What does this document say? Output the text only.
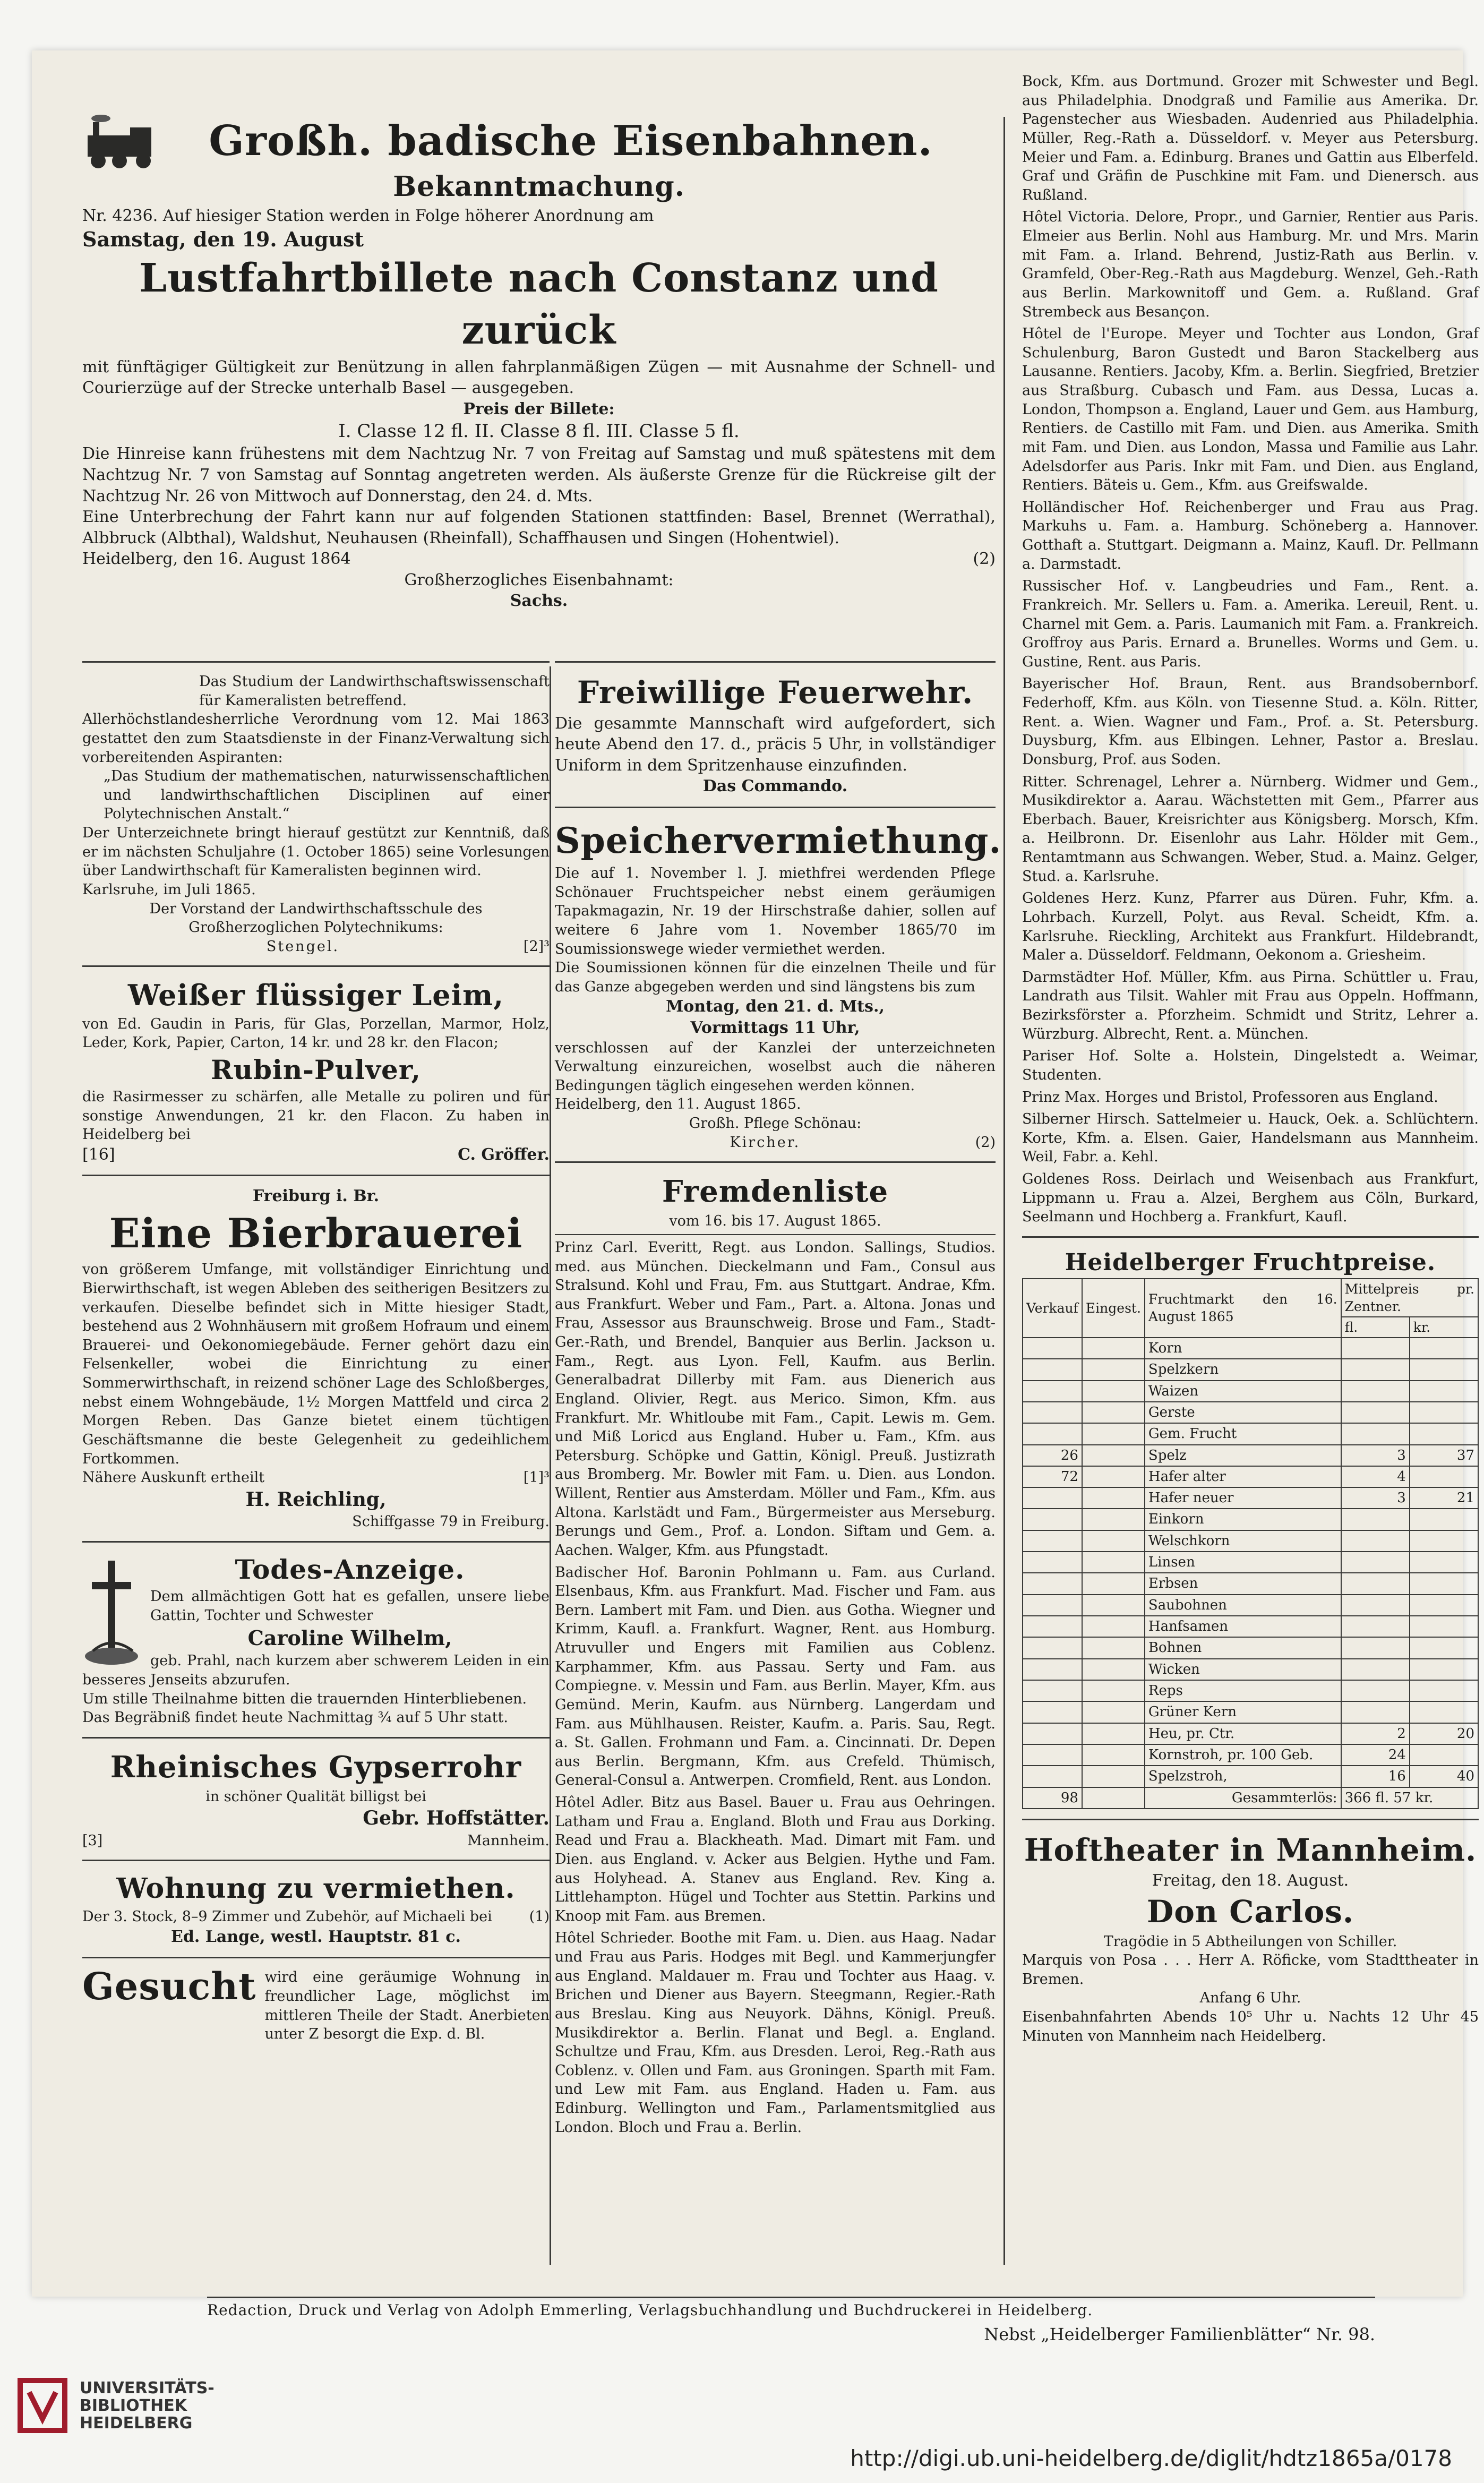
Großh. badische Eisenbahnen.
Bekanntmachung.
Nr. 4236. Auf hiesiger Station werden in Folge höherer Anordnung am
Samstag, den 19. August
Lustfahrtbillete nach Constanz und zurück
mit fünftägiger Gültigkeit zur Benützung in allen fahrplanmäßigen Zügen — mit Ausnahme der Schnell- und Courierzüge auf der Strecke unterhalb Basel — ausgegeben.
Preis der Billete:
I. Classe 12 fl. II. Classe 8 fl. III. Classe 5 fl.
Die Hinreise kann frühestens mit dem Nachtzug Nr. 7 von Freitag auf Samstag und muß spätestens mit dem Nachtzug Nr. 7 von Samstag auf Sonntag angetreten werden. Als äußerste Grenze für die Rückreise gilt der Nachtzug Nr. 26 von Mittwoch auf Donnerstag, den 24. d. Mts.
Eine Unterbrechung der Fahrt kann nur auf folgenden Stationen stattfinden: Basel, Brennet (Werrathal), Albbruck (Albthal), Waldshut, Neuhausen (Rheinfall), Schaffhausen und Singen (Hohentwiel).
Heidelberg, den 16. August 1864	(2)
Großherzogliches Eisenbahnamt:
Sachs.
Das Studium der Landwirthschaftswissenschaft für Kameralisten betreffend.
Allerhöchstlandesherrliche Verordnung vom 12. Mai 1863 gestattet den zum Staatsdienste in der Finanz-Verwaltung sich vorbereitenden Aspiranten:
„Das Studium der mathematischen, naturwissenschaftlichen und landwirthschaftlichen Disciplinen auf einer Polytechnischen Anstalt.“
Der Unterzeichnete bringt hierauf gestützt zur Kenntniß, daß er im nächsten Schuljahre (1. October 1865) seine Vorlesungen über Landwirthschaft für Kameralisten beginnen wird.
Karlsruhe, im Juli 1865.
Der Vorstand der Landwirthschaftsschule des Großherzoglichen Polytechnikums:
Stengel.	[2]³
Weißer flüssiger Leim,
von Ed. Gaudin in Paris, für Glas, Porzellan, Marmor, Holz, Leder, Kork, Papier, Carton, 14 kr. und 28 kr. den Flacon;
Rubin-Pulver,
die Rasirmesser zu schärfen, alle Metalle zu poliren und für sonstige Anwendungen, 21 kr. den Flacon. Zu haben in Heidelberg bei
[16]	C. Gröffer.
Freiburg i. Br.
Eine Bierbrauerei
von größerem Umfange, mit vollständiger Einrichtung und Bierwirthschaft, ist wegen Ableben des seitherigen Besitzers zu verkaufen. Dieselbe befindet sich in Mitte hiesiger Stadt, bestehend aus 2 Wohnhäusern mit großem Hofraum und einem Brauerei- und Oekonomiegebäude. Ferner gehört dazu ein Felsenkeller, wobei die Einrichtung zu einer Sommerwirthschaft, in reizend schöner Lage des Schloßberges, nebst einem Wohngebäude, 1½ Morgen Mattfeld und circa 2 Morgen Reben. Das Ganze bietet einem tüchtigen Geschäftsmanne die beste Gelegenheit zu gedeihlichem Fortkommen.
Nähere Auskunft ertheilt	[1]³
H. Reichling,
Schiffgasse 79 in Freiburg.
Todes-Anzeige.
Dem allmächtigen Gott hat es gefallen, unsere liebe Gattin, Tochter und Schwester
Caroline Wilhelm,
geb. Prahl, nach kurzem aber schwerem Leiden in ein besseres Jenseits abzurufen.
Um stille Theilnahme bitten die trauernden Hinterbliebenen.
Das Begräbniß findet heute Nachmittag ¾ auf 5 Uhr statt.
Rheinisches Gypserrohr
in schöner Qualität billigst bei
Gebr. Hoffstätter.
[3]	Mannheim.
Wohnung zu vermiethen.
Der 3. Stock, 8–9 Zimmer und Zubehör, auf Michaeli bei	(1)
Ed. Lange, westl. Hauptstr. 81 c.
Gesucht wird eine geräumige Wohnung in freundlicher Lage, möglichst im mittleren Theile der Stadt. Anerbieten unter Z besorgt die Exp. d. Bl.
Freiwillige Feuerwehr.
Die gesammte Mannschaft wird aufgefordert, sich heute Abend den 17. d., präcis 5 Uhr, in vollständiger Uniform in dem Spritzenhause einzufinden.
Das Commando.
Speichervermiethung.
Die auf 1. November l. J. miethfrei werdenden Pflege Schönauer Fruchtspeicher nebst einem geräumigen Tapakmagazin, Nr. 19 der Hirschstraße dahier, sollen auf weitere 6 Jahre vom 1. November 1865/70 im Soumissionswege wieder vermiethet werden.
Die Soumissionen können für die einzelnen Theile und für das Ganze abgegeben werden und sind längstens bis zum
Montag, den 21. d. Mts.,
Vormittags 11 Uhr,
verschlossen auf der Kanzlei der unterzeichneten Verwaltung einzureichen, woselbst auch die näheren Bedingungen täglich eingesehen werden können.
Heidelberg, den 11. August 1865.
Großh. Pflege Schönau:
Kircher.	(2)
Fremdenliste
vom 16. bis 17. August 1865.
Prinz Carl. Everitt, Regt. aus London. Sallings, Studios. med. aus München. Dieckelmann und Fam., Consul aus Stralsund. Kohl und Frau, Fm. aus Stuttgart. Andrae, Kfm. aus Frankfurt. Weber und Fam., Part. a. Altona. Jonas und Frau, Assessor aus Braunschweig. Brose und Fam., Stadt-Ger.-Rath, und Brendel, Banquier aus Berlin. Jackson u. Fam., Regt. aus Lyon. Fell, Kaufm. aus Berlin. Generalbadrat Dillerby mit Fam. aus Dienerich aus England. Olivier, Regt. aus Merico. Simon, Kfm. aus Frankfurt. Mr. Whitloube mit Fam., Capit. Lewis m. Gem. und Miß Loricd aus England. Huber u. Fam., Kfm. aus Petersburg. Schöpke und Gattin, Königl. Preuß. Justizrath aus Bromberg. Mr. Bowler mit Fam. u. Dien. aus London. Willent, Rentier aus Amsterdam. Möller und Fam., Kfm. aus Altona. Karlstädt und Fam., Bürgermeister aus Merseburg. Berungs und Gem., Prof. a. London. Siftam und Gem. a. Aachen. Walger, Kfm. aus Pfungstadt.
Badischer Hof. Baronin Pohlmann u. Fam. aus Curland. Elsenbaus, Kfm. aus Frankfurt. Mad. Fischer und Fam. aus Bern. Lambert mit Fam. und Dien. aus Gotha. Wiegner und Krimm, Kaufl. a. Frankfurt. Wagner, Rent. aus Homburg. Atruvuller und Engers mit Familien aus Coblenz. Karphammer, Kfm. aus Passau. Serty und Fam. aus Compiegne. v. Messin und Fam. aus Berlin. Mayer, Kfm. aus Gemünd. Merin, Kaufm. aus Nürnberg. Langerdam und Fam. aus Mühlhausen. Reister, Kaufm. a. Paris. Sau, Regt. a. St. Gallen. Frohmann und Fam. a. Cincinnati. Dr. Depen aus Berlin. Bergmann, Kfm. aus Crefeld. Thümisch, General-Consul a. Antwerpen. Cromfield, Rent. aus London.
Hôtel Adler. Bitz aus Basel. Bauer u. Frau aus Oehringen. Latham und Frau a. England. Bloth und Frau aus Dorking. Read und Frau a. Blackheath. Mad. Dimart mit Fam. und Dien. aus England. v. Acker aus Belgien. Hythe und Fam. aus Holyhead. A. Stanev aus England. Rev. King a. Littlehampton. Hügel und Tochter aus Stettin. Parkins und Knoop mit Fam. aus Bremen.
Hôtel Schrieder. Boothe mit Fam. u. Dien. aus Haag. Nadar und Frau aus Paris. Hodges mit Begl. und Kammerjungfer aus England. Maldauer m. Frau und Tochter aus Haag. v. Brichen und Diener aus Bayern. Steegmann, Regier.-Rath aus Breslau. King aus Neuyork. Dähns, Königl. Preuß. Musikdirektor a. Berlin. Flanat und Begl. a. England. Schultze und Frau, Kfm. aus Dresden. Leroi, Reg.-Rath aus Coblenz. v. Ollen und Fam. aus Groningen. Sparth mit Fam. und Lew mit Fam. aus England. Haden u. Fam. aus Edinburg. Wellington und Fam., Parlamentsmitglied aus London. Bloch und Frau a. Berlin.
Bock, Kfm. aus Dortmund. Grozer mit Schwester und Begl. aus Philadelphia. Dnodgraß und Familie aus Amerika. Dr. Pagenstecher aus Wiesbaden. Audenried aus Philadelphia. Müller, Reg.-Rath a. Düsseldorf. v. Meyer aus Petersburg. Meier und Fam. a. Edinburg. Branes und Gattin aus Elberfeld. Graf und Gräfin de Puschkine mit Fam. und Dienersch. aus Rußland.
Hôtel Victoria. Delore, Propr., und Garnier, Rentier aus Paris. Elmeier aus Berlin. Nohl aus Hamburg. Mr. und Mrs. Marin mit Fam. a. Irland. Behrend, Justiz-Rath aus Berlin. v. Gramfeld, Ober-Reg.-Rath aus Magdeburg. Wenzel, Geh.-Rath aus Berlin. Markownitoff und Gem. a. Rußland. Graf Strembeck aus Besançon.
Hôtel de l'Europe. Meyer und Tochter aus London, Graf Schulenburg, Baron Gustedt und Baron Stackelberg aus Lausanne. Rentiers. Jacoby, Kfm. a. Berlin. Siegfried, Bretzier aus Straßburg. Cubasch und Fam. aus Dessa, Lucas a. London, Thompson a. England, Lauer und Gem. aus Hamburg, Rentiers. de Castillo mit Fam. und Dien. aus Amerika. Smith mit Fam. und Dien. aus London, Massa und Familie aus Lahr. Adelsdorfer aus Paris. Inkr mit Fam. und Dien. aus England, Rentiers. Bäteis u. Gem., Kfm. aus Greifswalde.
Holländischer Hof. Reichenberger und Frau aus Prag. Markuhs u. Fam. a. Hamburg. Schöneberg a. Hannover. Gotthaft a. Stuttgart. Deigmann a. Mainz, Kaufl. Dr. Pellmann a. Darmstadt.
Russischer Hof. v. Langbeudries und Fam., Rent. a. Frankreich. Mr. Sellers u. Fam. a. Amerika. Lereuil, Rent. u. Charnel mit Gem. a. Paris. Laumanich mit Fam. a. Frankreich. Groffroy aus Paris. Ernard a. Brunelles. Worms und Gem. u. Gustine, Rent. aus Paris.
Bayerischer Hof. Braun, Rent. aus Brandsobernborf. Federhoff, Kfm. aus Köln. von Tiesenne Stud. a. Köln. Ritter, Rent. a. Wien. Wagner und Fam., Prof. a. St. Petersburg. Duysburg, Kfm. aus Elbingen. Lehner, Pastor a. Breslau. Donsburg, Prof. aus Soden.
Ritter. Schrenagel, Lehrer a. Nürnberg. Widmer und Gem., Musikdirektor a. Aarau. Wächstetten mit Gem., Pfarrer aus Eberbach. Bauer, Kreisrichter aus Königsberg. Morsch, Kfm. a. Heilbronn. Dr. Eisenlohr aus Lahr. Hölder mit Gem., Rentamtmann aus Schwangen. Weber, Stud. a. Mainz. Gelger, Stud. a. Karlsruhe.
Goldenes Herz. Kunz, Pfarrer aus Düren. Fuhr, Kfm. a. Lohrbach. Kurzell, Polyt. aus Reval. Scheidt, Kfm. a. Karlsruhe. Rieckling, Architekt aus Frankfurt. Hildebrandt, Maler a. Düsseldorf. Feldmann, Oekonom a. Griesheim.
Darmstädter Hof. Müller, Kfm. aus Pirna. Schüttler u. Frau, Landrath aus Tilsit. Wahler mit Frau aus Oppeln. Hoffmann, Bezirksförster a. Pforzheim. Schmidt und Stritz, Lehrer a. Würzburg. Albrecht, Rent. a. München.
Pariser Hof. Solte a. Holstein, Dingelstedt a. Weimar, Studenten.
Prinz Max. Horges und Bristol, Professoren aus England.
Silberner Hirsch. Sattelmeier u. Hauck, Oek. a. Schlüchtern. Korte, Kfm. a. Elsen. Gaier, Handelsmann aus Mannheim. Weil, Fabr. a. Kehl.
Goldenes Ross. Deirlach und Weisenbach aus Frankfurt, Lippmann u. Frau a. Alzei, Berghem aus Cöln, Burkard, Seelmann und Hochberg a. Frankfurt, Kaufl.
Heidelberger Fruchtpreise.
Verkauf	Eingest.	Fruchtmarkt den 16. August 1865	Mittelpreis pr. Zentner.	
			fl.	kr.
		Korn		
		Spelzkern		
		Waizen		
		Gerste		
		Gem. Frucht		
26		Spelz	3	37
72		Hafer alter	4	
		Hafer neuer	3	21
		Einkorn		
		Welschkorn		
		Linsen		
		Erbsen		
		Saubohnen		
		Hanfsamen		
		Bohnen		
		Wicken		
		Reps		
		Grüner Kern		
		Heu, pr. Ctr.	2	20
		Kornstroh, pr. 100 Geb.	24	
		Spelzstroh,	16	40
98		Gesammterlös:	366 fl. 57 kr.	
Hoftheater in Mannheim.
Freitag, den 18. August.
Don Carlos.
Tragödie in 5 Abtheilungen von Schiller.
Marquis von Posa . . . Herr A. Röficke, vom Stadttheater in Bremen.
Anfang 6 Uhr.
Eisenbahnfahrten Abends 10⁵ Uhr u. Nachts 12 Uhr 45 Minuten von Mannheim nach Heidelberg.
Redaction, Druck und Verlag von Adolph Emmerling, Verlagsbuchhandlung und Buchdruckerei in Heidelberg.
Nebst „Heidelberger Familienblätter“ Nr. 98.
UNIVERSITÄTS-
BIBLIOTHEK
HEIDELBERG
http://digi.ub.uni-heidelberg.de/diglit/hdtz1865a/0178
